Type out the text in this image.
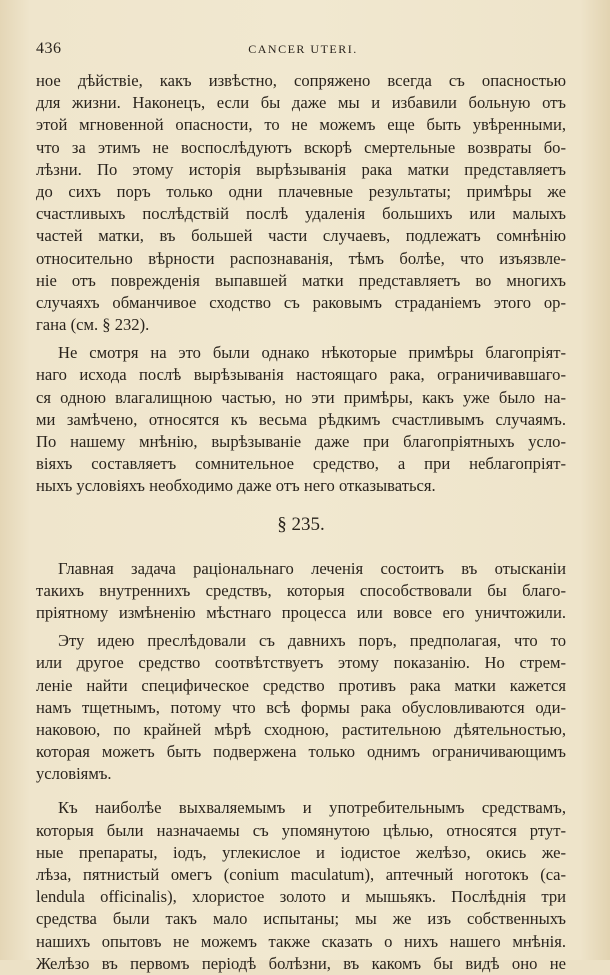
436	CANCER UTERI.
ное дѣйствіе, какъ извѣстно, сопряжено всегда съ опасностью
для жизни. Наконецъ, если бы даже мы и избавили больную отъ
этой мгновенной опасности, то не можемъ еще быть увѣренными,
что за этимъ не воспослѣдуютъ вскорѣ смертельные возвраты бо-
лѣзни. По этому исторія вырѣзыванія рака матки представляетъ
до сихъ поръ только одни плачевные результаты; примѣры же
счастливыхъ послѣдствій послѣ удаленія большихъ или малыхъ
частей матки, въ большей части случаевъ, подлежатъ сомнѣнію
относительно вѣрности распознаванія, тѣмъ болѣе, что изъязвле-
ніе отъ поврежденія выпавшей матки представляетъ во многихъ
случаяхъ обманчивое сходство съ раковымъ страданіемъ этого ор-
гана (см. § 232).
Не смотря на это были однако нѣкоторые примѣры благопріят-
наго исхода послѣ вырѣзыванія настоящаго рака, ограничивавшаго-
ся одною влагалищною частью, но эти примѣры, какъ уже было на-
ми замѣчено, относятся къ весьма рѣдкимъ счастливымъ случаямъ.
По нашему мнѣнію, вырѣзываніе даже при благопріятныхъ усло-
віяхъ составляетъ сомнительное средство, а при неблагопріят-
ныхъ условіяхъ необходимо даже отъ него отказываться.
§ 235.
Главная задача раціональнаго леченія состоитъ въ отысканіи
такихъ внутреннихъ средствъ, которыя способствовали бы благо-
пріятному измѣненію мѣстнаго процесса или вовсе его уничтожили.
Эту идею преслѣдовали съ давнихъ поръ, предполагая, что то
или другое средство соотвѣтствуетъ этому показанію. Но стрем-
леніе найти специфическое средство противъ рака матки кажется
намъ тщетнымъ, потому что всѣ формы рака обусловливаются оди-
наковою, по крайней мѣрѣ сходною, растительною дѣятельностью,
которая можетъ быть подвержена только однимъ ограничивающимъ
условіямъ.
Къ наиболѣе выхваляемымъ и употребительнымъ средствамъ,
которыя были назначаемы съ упомянутою цѣлью, относятся ртут-
ные препараты, іодъ, углекислое и іодистое желѣзо, окись же-
лѣза, пятнистый омегъ (conium maculatum), аптечный ноготокъ (ca-
lendula officinalis), хлористое золото и мышьякъ. Послѣднія три
средства были такъ мало испытаны; мы же изъ собственныхъ
нашихъ опытовъ не можемъ также сказать о нихъ нашего мнѣнія.
Желѣзо въ первомъ періодѣ болѣзни, въ какомъ бы видѣ оно не
